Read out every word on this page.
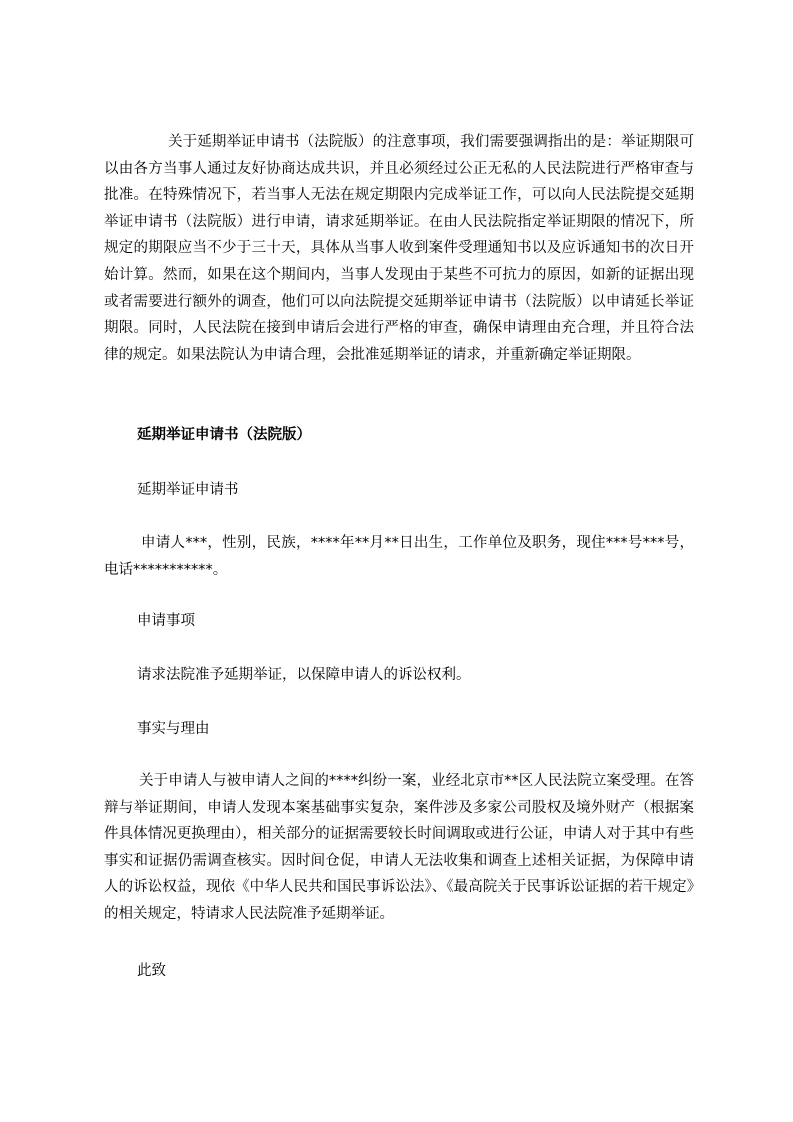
关于延期举证申请书（法院版）的注意事项，我们需要强调指出的是：举证期限可以由各方当事人通过友好协商达成共识，并且必须经过公正无私的人民法院进行严格审查与批准。在特殊情况下，若当事人无法在规定期限内完成举证工作，可以向人民法院提交延期举证申请书（法院版）进行申请，请求延期举证。在由人民法院指定举证期限的情况下，所规定的期限应当不少于三十天，具体从当事人收到案件受理通知书以及应诉通知书的次日开始计算。然而，如果在这个期间内，当事人发现由于某些不可抗力的原因，如新的证据出现或者需要进行额外的调查，他们可以向法院提交延期举证申请书（法院版）以申请延长举证期限。同时，人民法院在接到申请后会进行严格的审查，确保申请理由充合理，并且符合法律的规定。如果法院认为申请合理，会批准延期举证的请求，并重新确定举证期限。

延期举证申请书（法院版）

延期举证申请书

申请人***，性别，民族，****年**月**日出生，工作单位及职务，现住***号***号，电话***********。

申请事项

请求法院准予延期举证，以保障申请人的诉讼权利。

事实与理由

关于申请人与被申请人之间的****纠纷一案，业经北京市**区人民法院立案受理。在答辩与举证期间，申请人发现本案基础事实复杂，案件涉及多家公司股权及境外财产（根据案件具体情况更换理由），相关部分的证据需要较长时间调取或进行公证，申请人对于其中有些事实和证据仍需调查核实。因时间仓促，申请人无法收集和调查上述相关证据，为保障申请人的诉讼权益，现依《中华人民共和国民事诉讼法》、《最高院关于民事诉讼证据的若干规定》的相关规定，特请求人民法院准予延期举证。

此致
